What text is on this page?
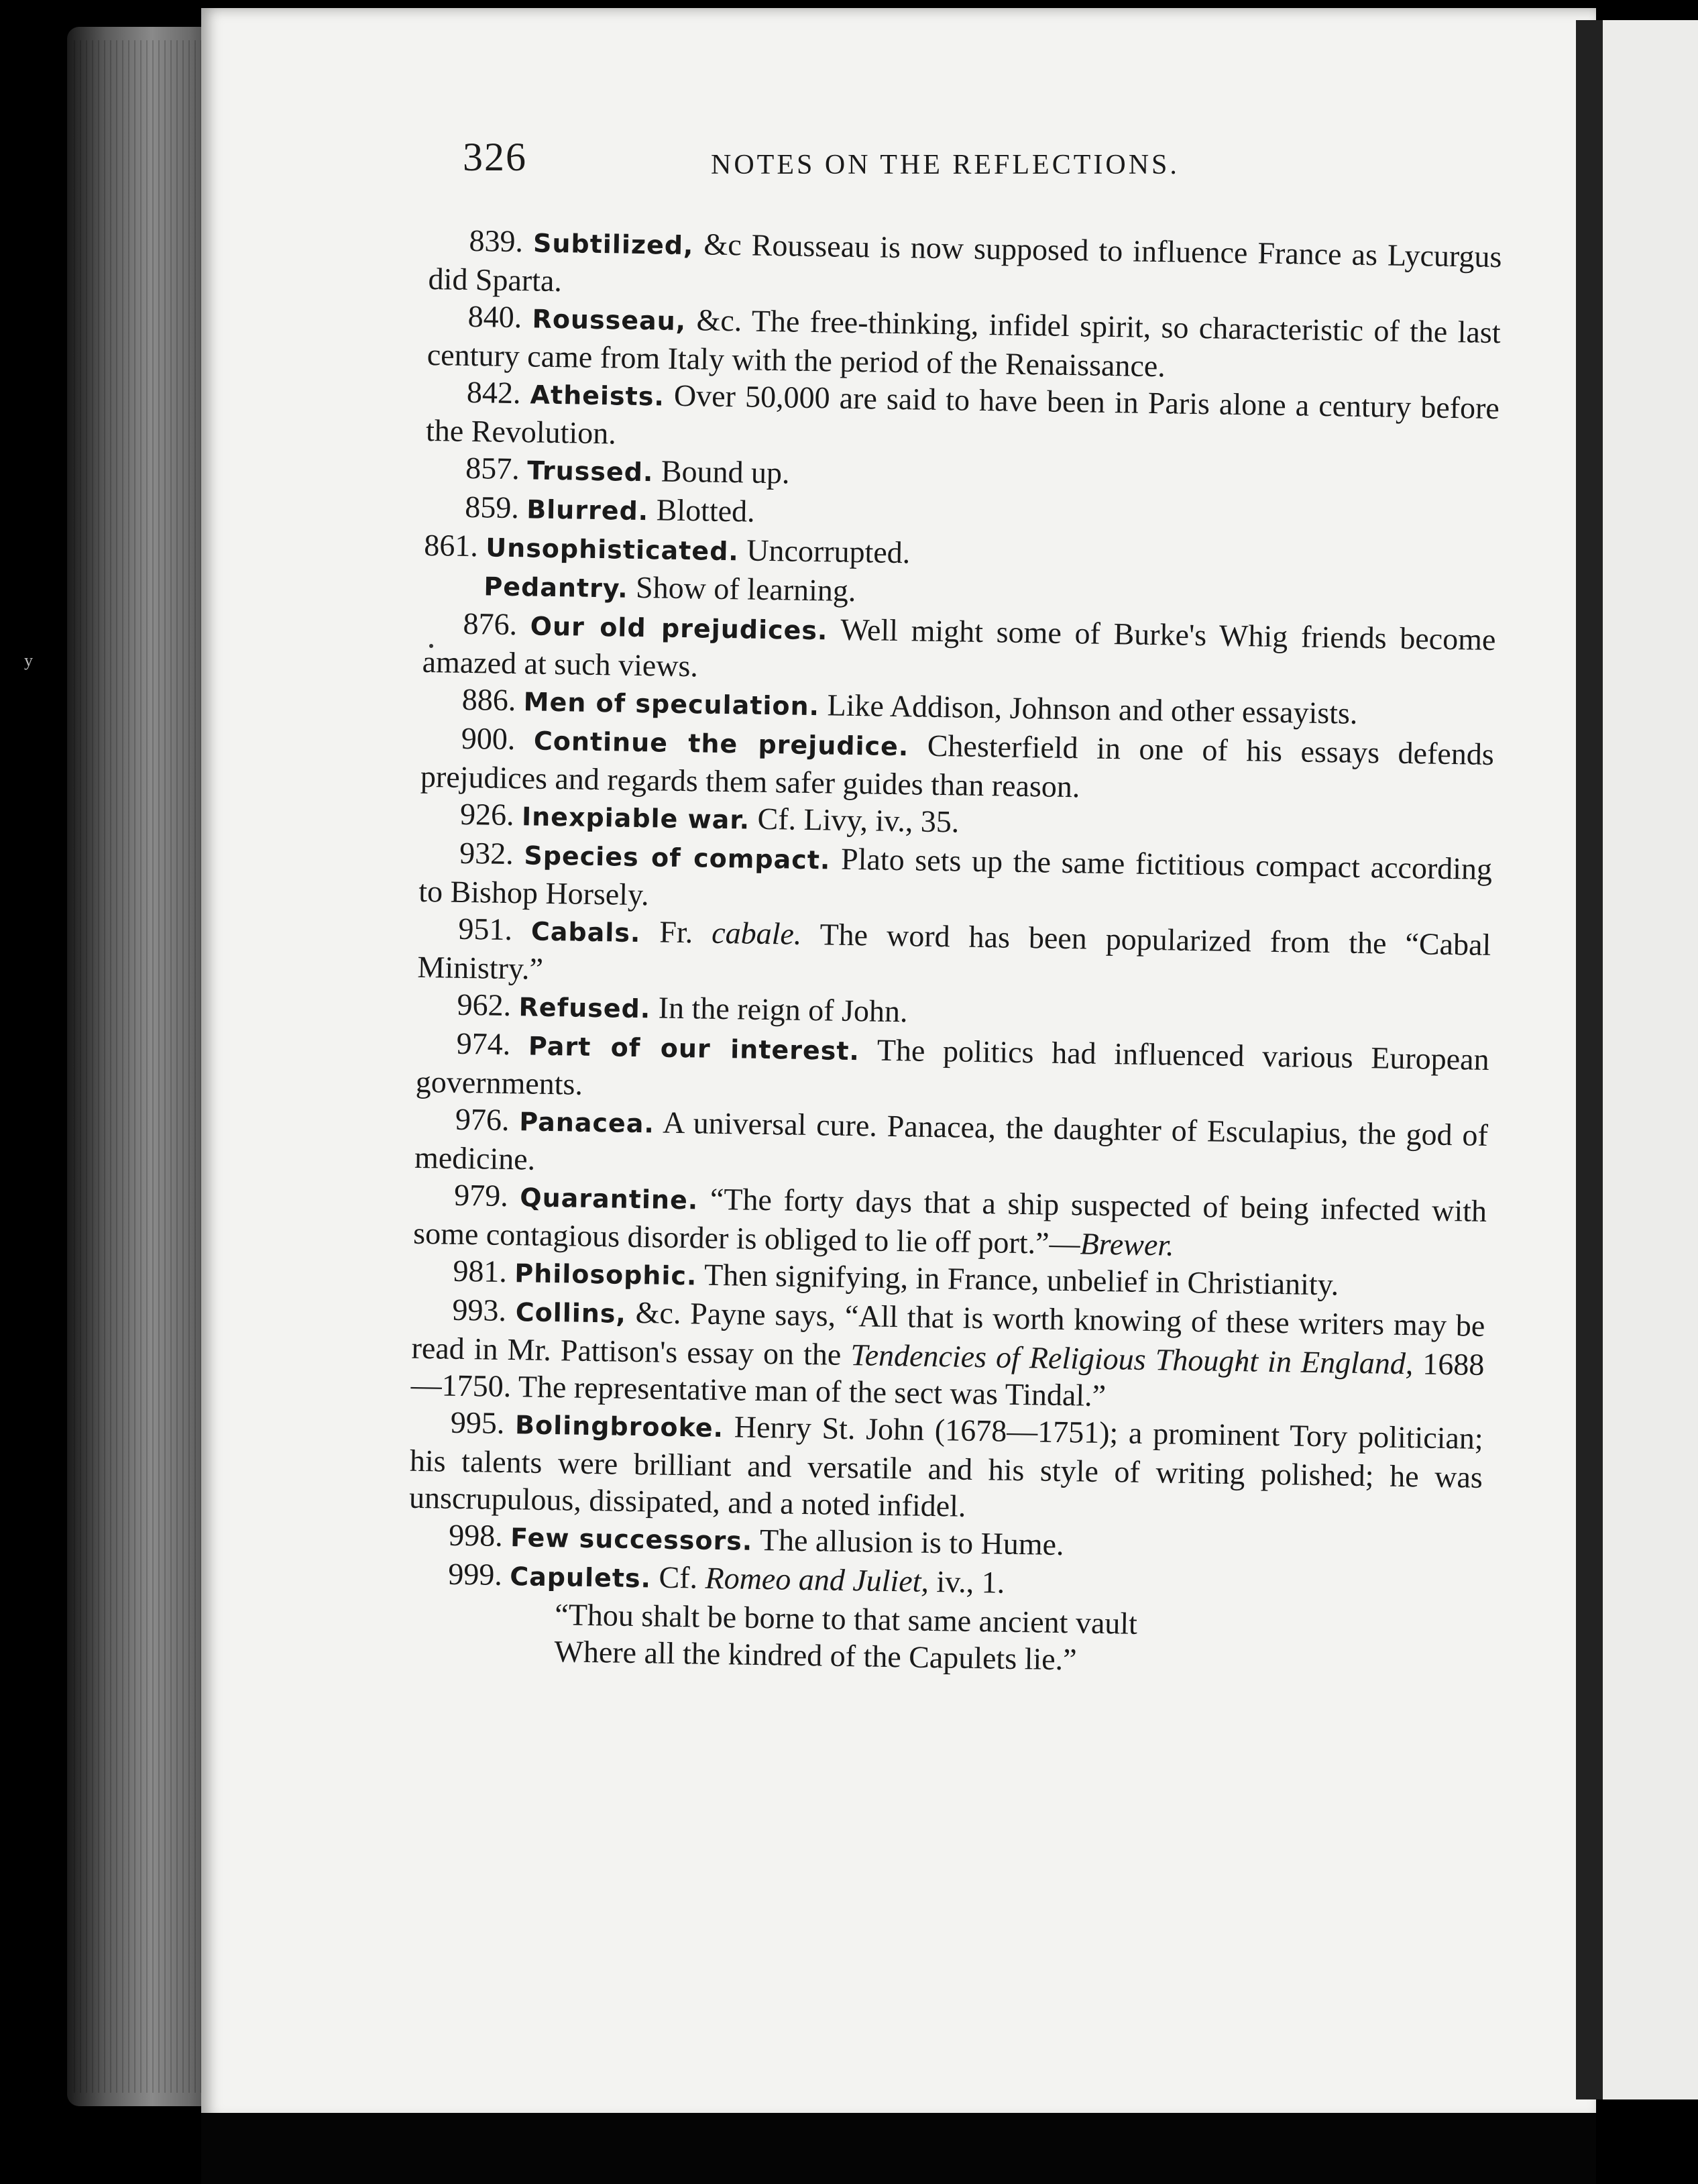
y
326	NOTES ON THE REFLECTIONS.

839. Subtilized, &c Rousseau is now supposed to influence France as Lycurgus did Sparta.

840. Rousseau, &c. The free-thinking, infidel spirit, so characteristic of the last century came from Italy with the period of the Renaissance.

842. Atheists. Over 50,000 are said to have been in Paris alone a century before the Revolution.

857. Trussed. Bound up.

859. Blurred. Blotted.

861. Unsophisticated. Uncorrupted.

Pedantry. Show of learning.

876. Our old prejudices. Well might some of Burke's Whig friends become amazed at such views.

886. Men of speculation. Like Addison, Johnson and other essayists.

900. Continue the prejudice. Chesterfield in one of his essays defends prejudices and regards them safer guides than reason.

926. Inexpiable war. Cf. Livy, iv., 35.

932. Species of compact. Plato sets up the same fictitious compact according to Bishop Horsely.

951. Cabals. Fr. cabale. The word has been popularized from the “Cabal Ministry.”

962. Refused. In the reign of John.

974. Part of our interest. The politics had influenced various European governments.

976. Panacea. A universal cure. Panacea, the daughter of Esculapius, the god of medicine.

979. Quarantine. “The forty days that a ship suspected of being infected with some contagious disorder is obliged to lie off port.”—Brewer.

981. Philosophic. Then signifying, in France, unbelief in Christianity.

993. Collins, &c. Payne says, “All that is worth knowing of these writers may be read in Mr. Pattison's essay on the Tendencies of Religious Thought in England, 1688—1750. The representative man of the sect was Tindal.”

995. Bolingbrooke. Henry St. John (1678—1751); a prominent Tory politician; his talents were brilliant and versatile and his style of writing polished; he was unscrupulous, dissipated, and a noted infidel.

998. Few successors. The allusion is to Hume.

999. Capulets. Cf. Romeo and Juliet, iv., 1.

“Thou shalt be borne to that same ancient vault

Where all the kindred of the Capulets lie.”
